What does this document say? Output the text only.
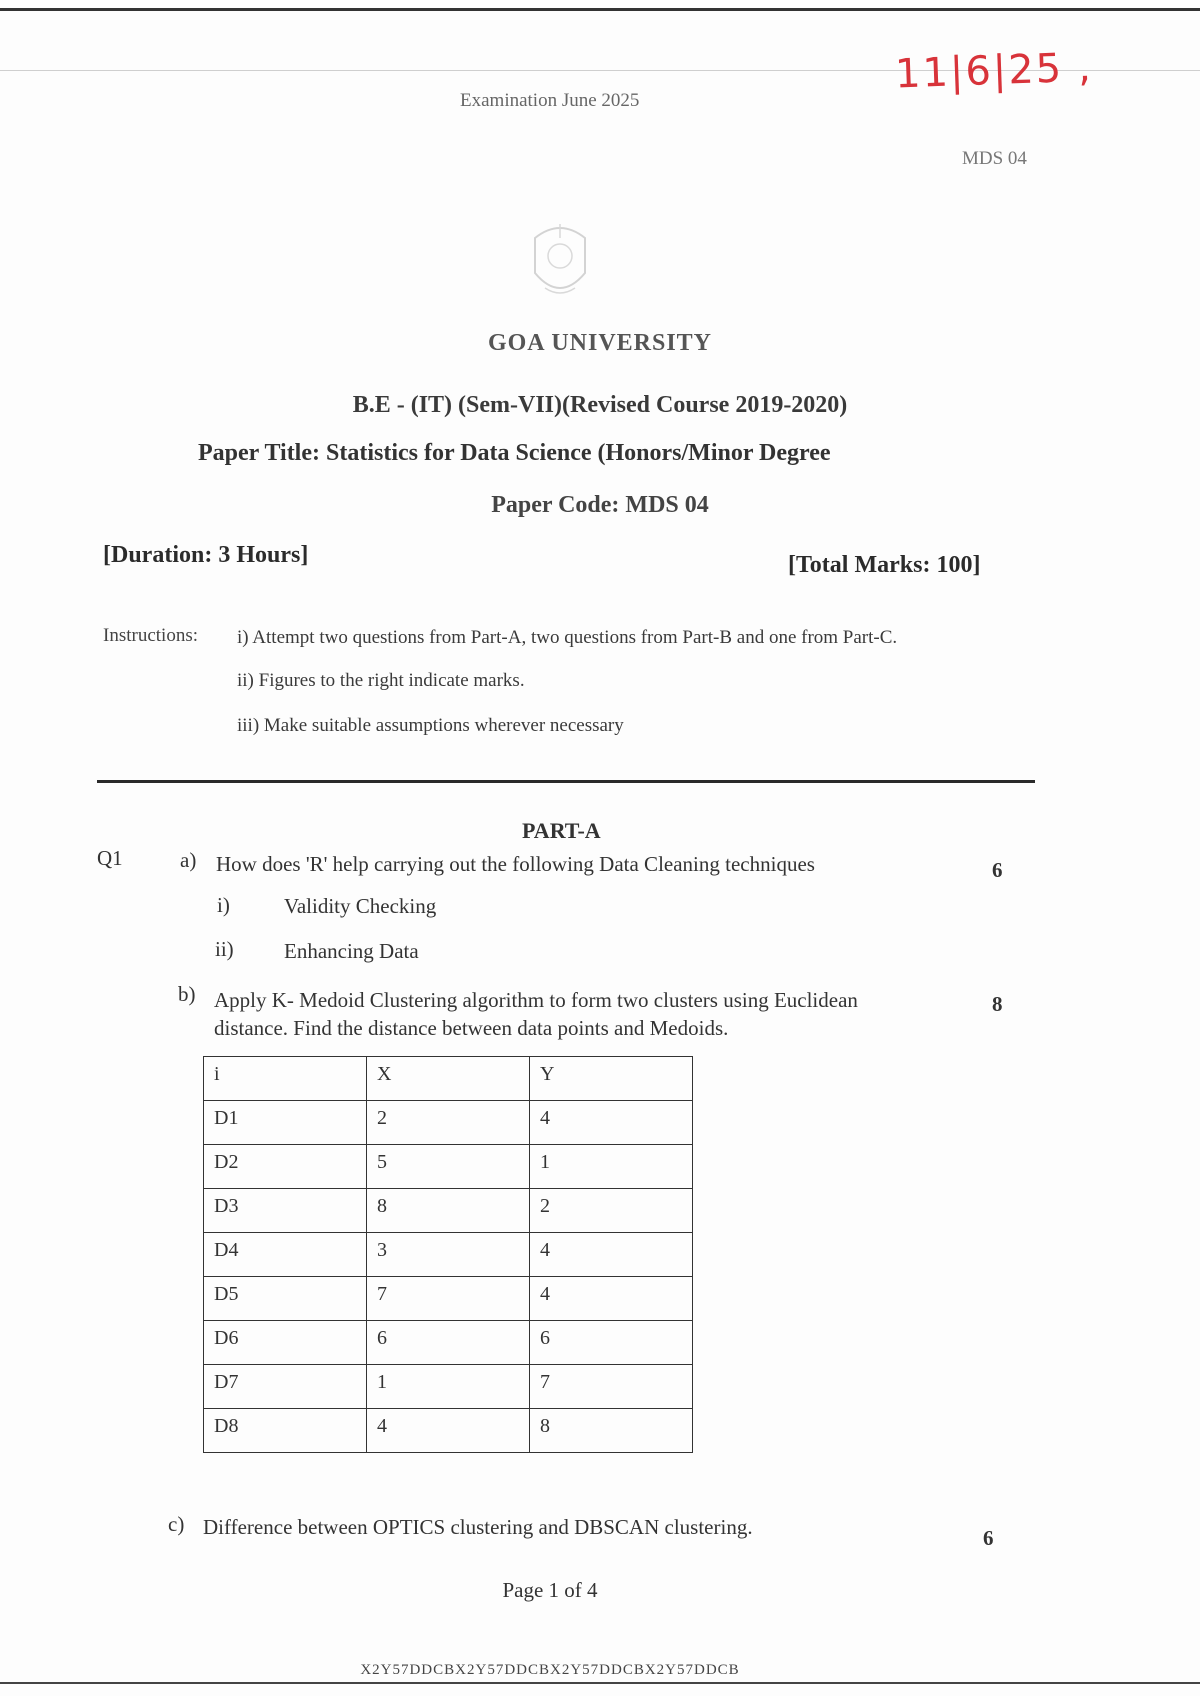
11|6|25 ,
Examination June 2025
MDS 04
GOA UNIVERSITY
B.E - (IT) (Sem-VII)(Revised Course 2019-2020)
Paper Title: Statistics for Data Science (Honors/Minor Degree
Paper Code: MDS 04
[Duration: 3 Hours]	[Total Marks: 100]
Instructions: i) Attempt two questions from Part-A, two questions from Part-B and one from Part-C.
ii) Figures to the right indicate marks.
iii) Make suitable assumptions wherever necessary
PART-A
Q1	a) How does 'R' help carrying out the following Data Cleaning techniques	6
i)	Validity Checking
ii) Enhancing Data
b) Apply K- Medoid Clustering algorithm to form two clusters using Euclidean
distance. Find the distance between data points and Medoids.
8
i	X	Y
D1	2	4
D2	5	1
D3	8	2
D4	3	4
D5	7	4
D6	6	6
D7	1	7
D8	4	8
c) Difference between OPTICS clustering and DBSCAN clustering.	6
Page 1 of 4
X2Y57DDCBX2Y57DDCBX2Y57DDCBX2Y57DDCB
